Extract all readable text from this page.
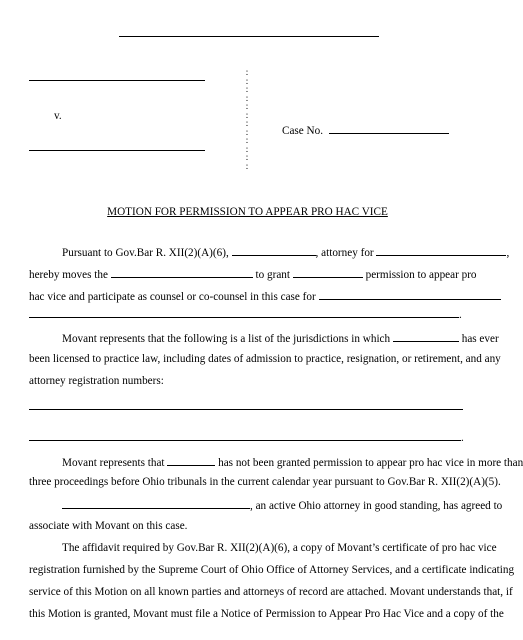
v.
:
:
:
:
:
:
:
:
:
:
:
:
Case No.
MOTION FOR PERMISSION TO APPEAR PRO HAC VICE
Pursuant to Gov.Bar R. XII(2)(A)(6),	, attorney for	,
hereby moves the	to grant	permission to appear pro
hac vice and participate as counsel or co-counsel in this case for
.
Movant represents that the following is a list of the jurisdictions in which	has ever
been licensed to practice law, including dates of admission to practice, resignation, or retirement, and any
attorney registration numbers:
.
Movant represents that	has not been granted permission to appear pro hac vice in more than
three proceedings before Ohio tribunals in the current calendar year pursuant to Gov.Bar R. XII(2)(A)(5).
, an active Ohio attorney in good standing, has agreed to
associate with Movant on this case.
The affidavit required by Gov.Bar R. XII(2)(A)(6), a copy of Movant’s certificate of pro hac vice
registration furnished by the Supreme Court of Ohio Office of Attorney Services, and a certificate indicating
service of this Motion on all known parties and attorneys of record are attached. Movant understands that, if
this Motion is granted, Movant must file a Notice of Permission to Appear Pro Hac Vice and a copy of the
